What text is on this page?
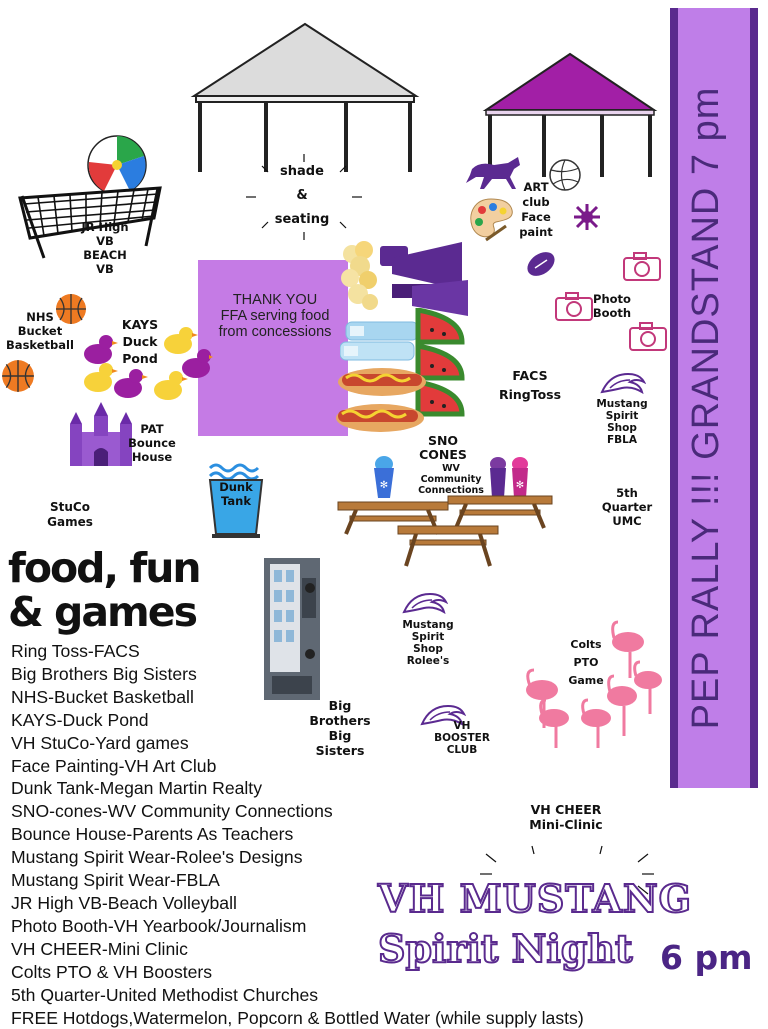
PEP RALLY !!! GRANDSTAND 7 pm
THANK YOU
FFA serving food
from concessions
✻	✻
shade
&
seating
JR High
VB
BEACH
VB
ART
club
Face
paint
Photo
Booth
NHS
Bucket
Basketball
KAYS
Duck
Pond
FACS
RingToss
Mustang
Spirit
Shop
FBLA
PAT
Bounce
House
SNO
CONES
WV
Community
Connections
Dunk
Tank
StuCo
Games
5th
Quarter
UMC
Mustang
Spirit
Shop
Rolee's
Colts
PTO
Game
Big
Brothers
Big
Sisters
VH
BOOSTER
CLUB
VH CHEER
Mini-Clinic
food, fun
& games
Ring Toss-FACS
Big Brothers Big Sisters
NHS-Bucket Basketball
KAYS-Duck Pond
VH StuCo-Yard games
Face Painting-VH Art Club
Dunk Tank-Megan Martin Realty
SNO-cones-WV Community Connections
Bounce House-Parents As Teachers
Mustang Spirit Wear-Rolee's Designs
Mustang Spirit Wear-FBLA
JR High VB-Beach Volleyball
Photo Booth-VH Yearbook/Journalism
VH CHEER-Mini Clinic
Colts PTO & VH Boosters
5th Quarter-United Methodist Churches
FREE Hotdogs,Watermelon, Popcorn & Bottled Water (while supply lasts)
VH MUSTANG
Spirit Night 6 pm
